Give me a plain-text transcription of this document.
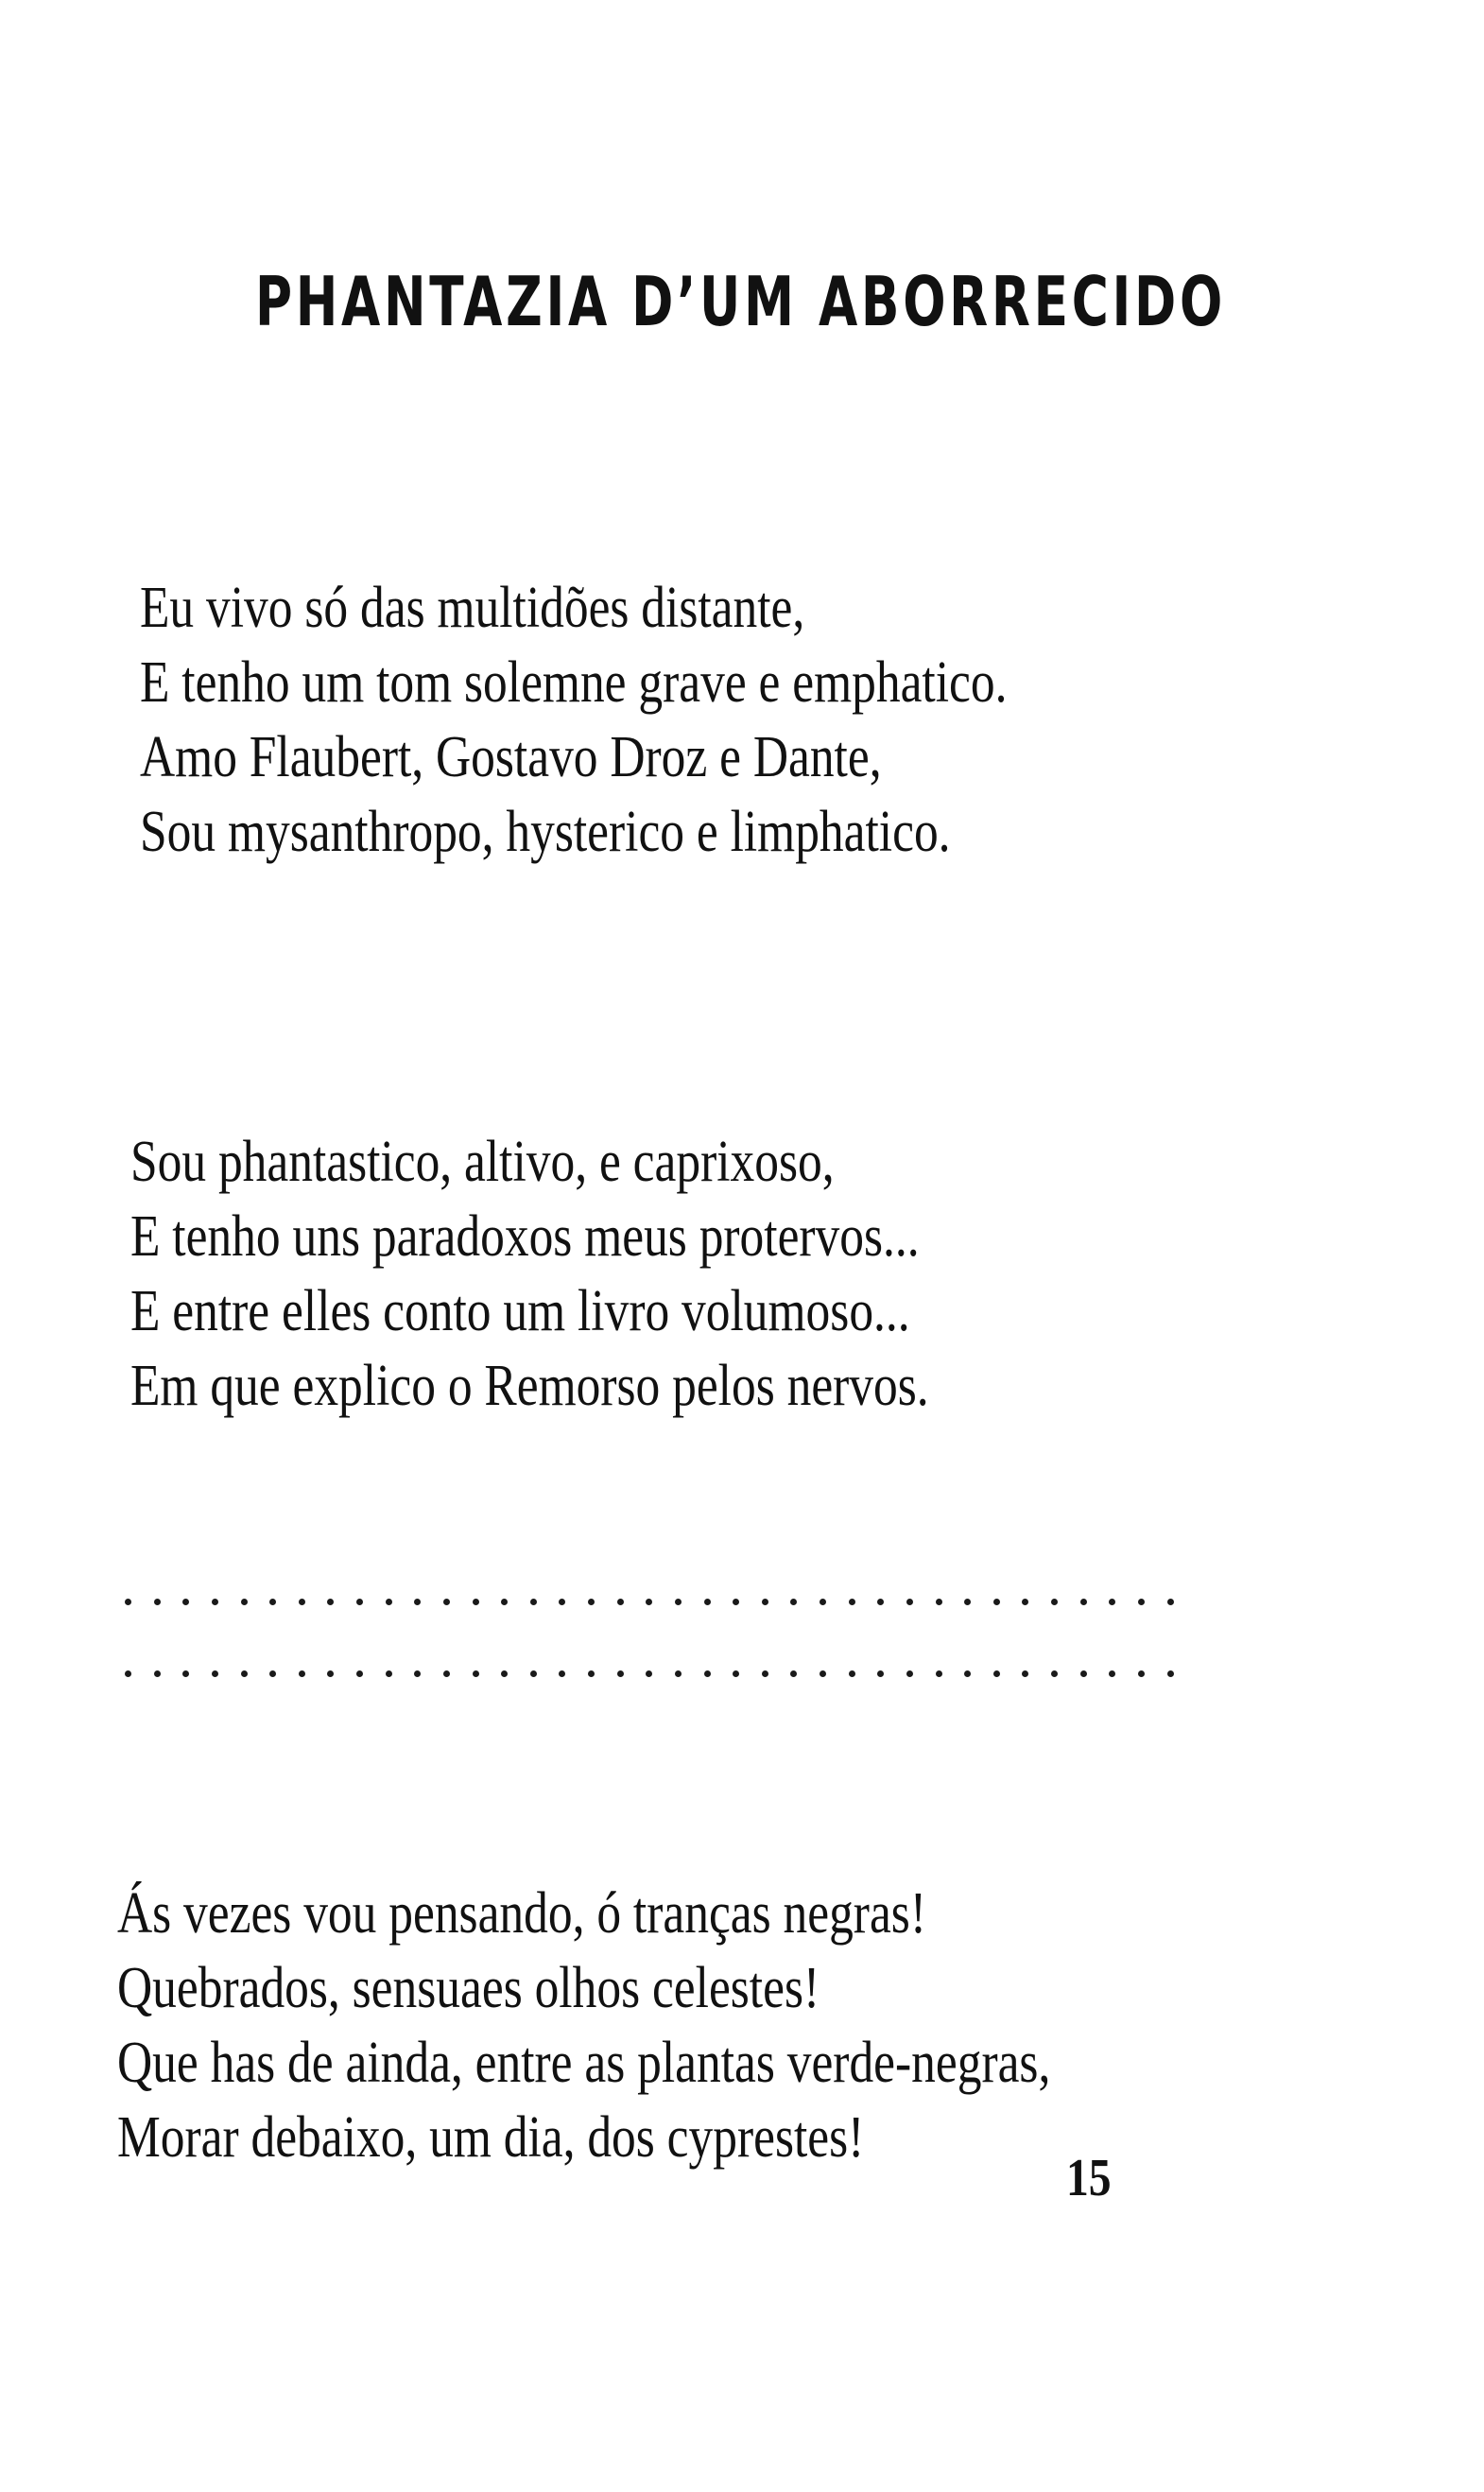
PHANTAZIA D’UM ABORRECIDO
Eu vivo só das multidões distante,
E tenho um tom solemne grave e emphatico.
Amo Flaubert, Gostavo Droz e Dante,
Sou mysanthropo, hysterico e limphatico.
Sou phantastico, altivo, e caprixoso,
E tenho uns paradoxos meus protervos...
E entre elles conto um livro volumoso...
Em que explico o Remorso pelos nervos.
Ás vezes vou pensando, ó tranças negras!
Quebrados, sensuaes olhos celestes!
Que has de ainda, entre as plantas verde-negras,
Morar debaixo, um dia, dos cyprestes!

15
